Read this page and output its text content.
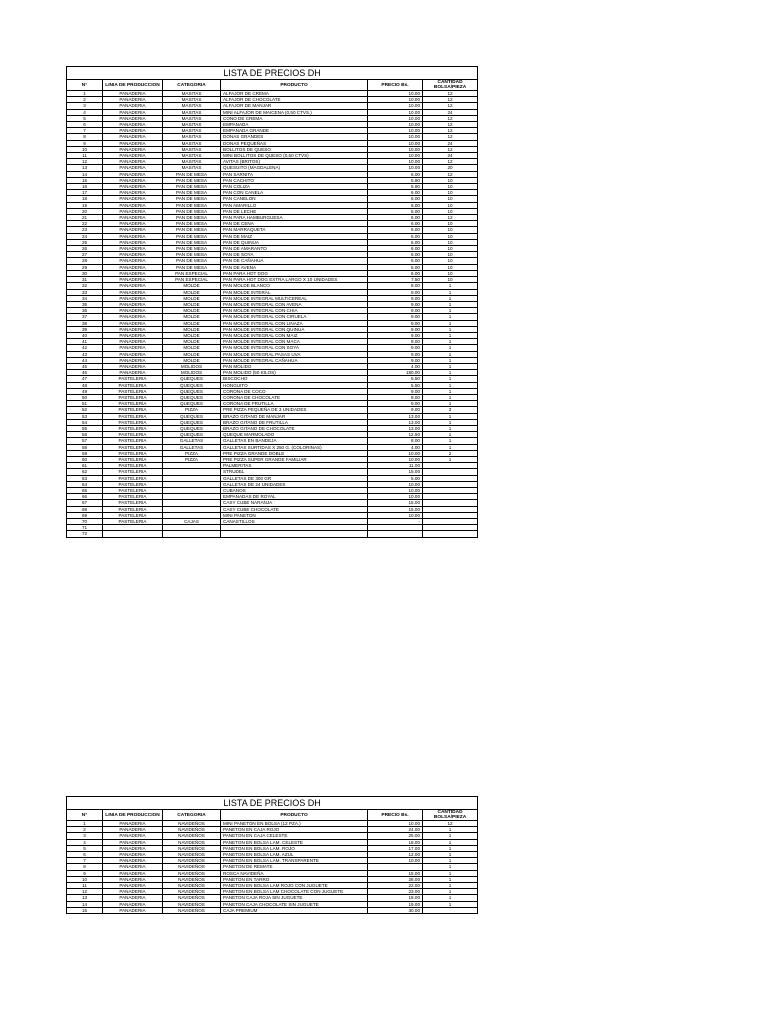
LISTA DE PRECIOS DH					
N°	LINIA DE PRODUCCION	CATEGORIA	PRODUCTO	PRECIO Bs.	CANTIDAD BOLSA/PIEZA
1	PANADERIA	MASITAS	ALFAJOR DE CREMA	10.00	12
2	PANADERIA	MASITAS	ALFAJOR DE CHOCOLATE	10.00	12
3	PANADERIA	MASITAS	ALFAJOR DE MANJAR	10.00	12
4	PANADERIA	MASITAS	MINI ALFAJOR DE MAICENA (0,50 CTVS.)	10.00	24
5	PANADERIA	MASITAS	CONO DE CREMA	10.00	12
6	PANADERIA	MASITAS	EMPANADA	10.00	12
7	PANADERIA	MASITAS	EMPANADA GRANDE	10.00	12
8	PANADERIA	MASITAS	DONAS GRANDES	10.00	12
9	PANADERIA	MASITAS	DONAS PEQUEÑAS	10.00	24
10	PANADERIA	MASITAS	BOLLITOS DE QUESO	10.00	12
11	PANADERIA	MASITAS	MINI BOLLITOS DE QUESO (0,50 CTVS)	10.00	24
12	PANADERIA	MASITAS	AVITAS (BRITOS)	10.00	12
13	PANADERIA	MASITAS	QUESUITO (MAGDALENA)	10.00	20
14	PANADERIA	PAN DE MESA	PAN SARNITA	6.00	12
15	PANADERIA	PAN DE MESA	PAN CACHITO	5.80	10
16	PANADERIA	PAN DE MESA	PAN COLIZA	5.80	10
17	PANADERIA	PAN DE MESA	PAN CON CANELA	6.00	10
18	PANADERIA	PAN DE MESA	PAN CANELON	6.00	10
19	PANADERIA	PAN DE MESA	PAN AMARILLO	6.00	10
20	PANADERIA	PAN DE MESA	PAN DE LECHE	6.00	10
21	PANADERIA	PAN DE MESA	PAN PARA HAMBURGUESA	6.00	12
22	PANADERIA	PAN DE MESA	PAN DE CENA	6.00	10
23	PANADERIA	PAN DE MESA	PAN MARRAQUETA	6.00	10
24	PANADERIA	PAN DE MESA	PAN DE MAIZ	6.00	10
25	PANADERIA	PAN DE MESA	PAN DE QUINUA	6.00	10
26	PANADERIA	PAN DE MESA	PAN DE AMARANTO	6.00	10
27	PANADERIA	PAN DE MESA	PAN DE SOYA	6.00	10
28	PANADERIA	PAN DE MESA	PAN DE CAÑAHUA	6.00	10
29	PANADERIA	PAN DE MESA	PAN DE AVENA	6.00	10
30	PANADERIA	PAN ESPECIAL	PAN PARA HOT DOG	6.00	10
31	PANADERIA	PAN ESPECIAL	PAN PARA HOT DOG EXTRA LARGO X 10 UNIDADES	7.50	10
32	PANADERIA	MOLDE	PAN MOLDE BLANCO	8.00	1
33	PANADERIA	MOLDE	PAN MOLDE INTERAL	9.00	1
34	PANADERIA	MOLDE	PAN MOLDE INTEGRAL MULTICEREAL	9.00	1
35	PANADERIA	MOLDE	PAN MOLDE INTEGRAL CON AVENA	9.00	1
36	PANADERIA	MOLDE	PAN MOLDE INTEGRAL CON CHIA	9.00	1
37	PANADERIA	MOLDE	PAN MOLDE INTEGRAL CON CIRUELA	9.00	1
38	PANADERIA	MOLDE	PAN MOLDE INTEGRAL CON LINAZA	9.00	1
39	PANADERIA	MOLDE	PAN MOLDE INTEGRAL CON QUINUA	9.00	1
40	PANADERIA	MOLDE	PAN MOLDE INTEGRAL CON MAIZ	9.00	1
41	PANADERIA	MOLDE	PAN MOLDE INTEGRAL CON MACA	9.00	1
42	PANADERIA	MOLDE	PAN MOLDE INTEGRAL CON SOYA	9.00	1
43	PANADERIA	MOLDE	PAN MOLDE INTEGRAL PASAS UVA	9.00	1
44	PANADERIA	MOLDE	PAN MOLDE INTEGRAL CAÑAHUA	9.00	1
45	PANADERIA	MOLIDOS	PAN MOLIDO	4.00	1
46	PANADERIA	MOLIDOS	PAN MOLIDO (50 KILOS)	180.00	1
47	PASTELERIA	QUEQUES	BISCOCHO	5.50	1
48	PASTELERIA	QUEQUES	HONGUITO	5.50	1
49	PASTELERIA	QUEQUES	CORONA DE COCO	9.00	1
50	PASTELERIA	QUEQUES	CORONA DE CHOCOLATE	9.00	1
51	PASTELERIA	QUEQUES	CORONA DE FRUTILLA	9.00	1
52	PASTELERIA	PIZZA	PRE PIZZA PEQUEÑA DE 3 UNIDADES	9.00	3
53	PASTELERIA	QUEQUES	BRAZO GITANO DE MANJAR	13.00	1
54	PASTELERIA	QUEQUES	BRAZO GITANO DE FRUTILLA	13.00	1
55	PASTELERIA	QUEQUES	BRAZO GITANO DE CHOCOLATE	13.00	1
56	PASTELERIA	QUEQUES	QUEQUE MARMOLADO	12.50	1
57	PASTELERIA	GALLETAS	GALLETAS EN BANDEJA	8.00	1
58	PASTELERIA	GALLETAS	GALLETAS SURTIDAS X 250 G. (COLORINAS)	4.00	1
59	PASTELERIA	PIZZA	PRE PIZZA GRANDE DOBLE	10.00	2
60	PASTELERIA	PIZZA	PRE PIZZA SUPER GRANDE FAMILIAR	10.00	1
61	PASTELERIA		PALMERITAS	11.00	
62	PASTELERIA		STRUDEL	15.00	
63	PASTELERIA		GALLETAS DE 300 GR	5.00	
64	PASTELERIA		GALLETAS DE 24 UNIDADES	10.00	
65	PASTELERIA		CUBANOS	10.00	
66	PASTELERIA		EMPANADAS DE ROYAL	10.00	
67	PASTELERIA		CASY CUBE NARANJA	15.00	
68	PASTELERIA		CASY CUBE CHOCOLATE	15.00	
69	PASTELERIA		MINI PANETON	10.00	
70	PASTELERIA	CAJAS	CANASTILLOS	-	
71					
72					
LISTA DE PRECIOS DH					
N°	LINIA DE PRODUCCION	CATEGORIA	PRODUCTO	PRECIO Bs.	CANTIDAD BOLSA/PIEZA
1	PANADERIA	NAVIDEÑOS	MINI PANETON EN BOLSA (12 PZA.)	10.00	12
2	PANADERIA	NAVIDEÑOS	PANETON EN CAJA ROJO	24.00	1
3	PANADERIA	NAVIDEÑOS	PANETON EN CAJA CELESTE	25.00	1
4	PANADERIA	NAVIDEÑOS	PANETON EN BOLSA LAM. CELESTE	18.00	1
5	PANADERIA	NAVIDEÑOS	PANETON EN BOLSA LAM. ROJO	17.00	1
6	PANADERIA	NAVIDEÑOS	PANETON EN BOLSA LAM. AZUL	12.00	1
7	PANADERIA	NAVIDEÑOS	PANETON EN BOLSA LAM. TRANSPARENTE	10.00	1
8	PANADERIA	NAVIDEÑOS	PANETON DE REMATE		1
9	PANADERIA	NAVIDEÑOS	ROSCA NAVIDEÑA	15.00	1
10	PANADERIA	NAVIDEÑOS	PANETON EN TARRO	28.00	1
11	PANADERIA	NAVIDEÑOS	PANETON EN BOLSA LAM ROJO CON JUGUETE	22.00	1
12	PANADERIA	NAVIDEÑOS	PANETON EN BOLSA LAM CHOCOLATE CON JUGUETE	23.00	1
13	PANADERIA	NAVIDEÑOS	PANETON CAJA ROJA SIN JUGUETE	18.00	1
14	PANADERIA	NAVIDEÑOS	PANETON CAJA CHOCOLATE SIN JUGUETE	19.00	1
15	PANADERIA	NAVIDEÑOS	CAJA PREMIUM	30.00	
